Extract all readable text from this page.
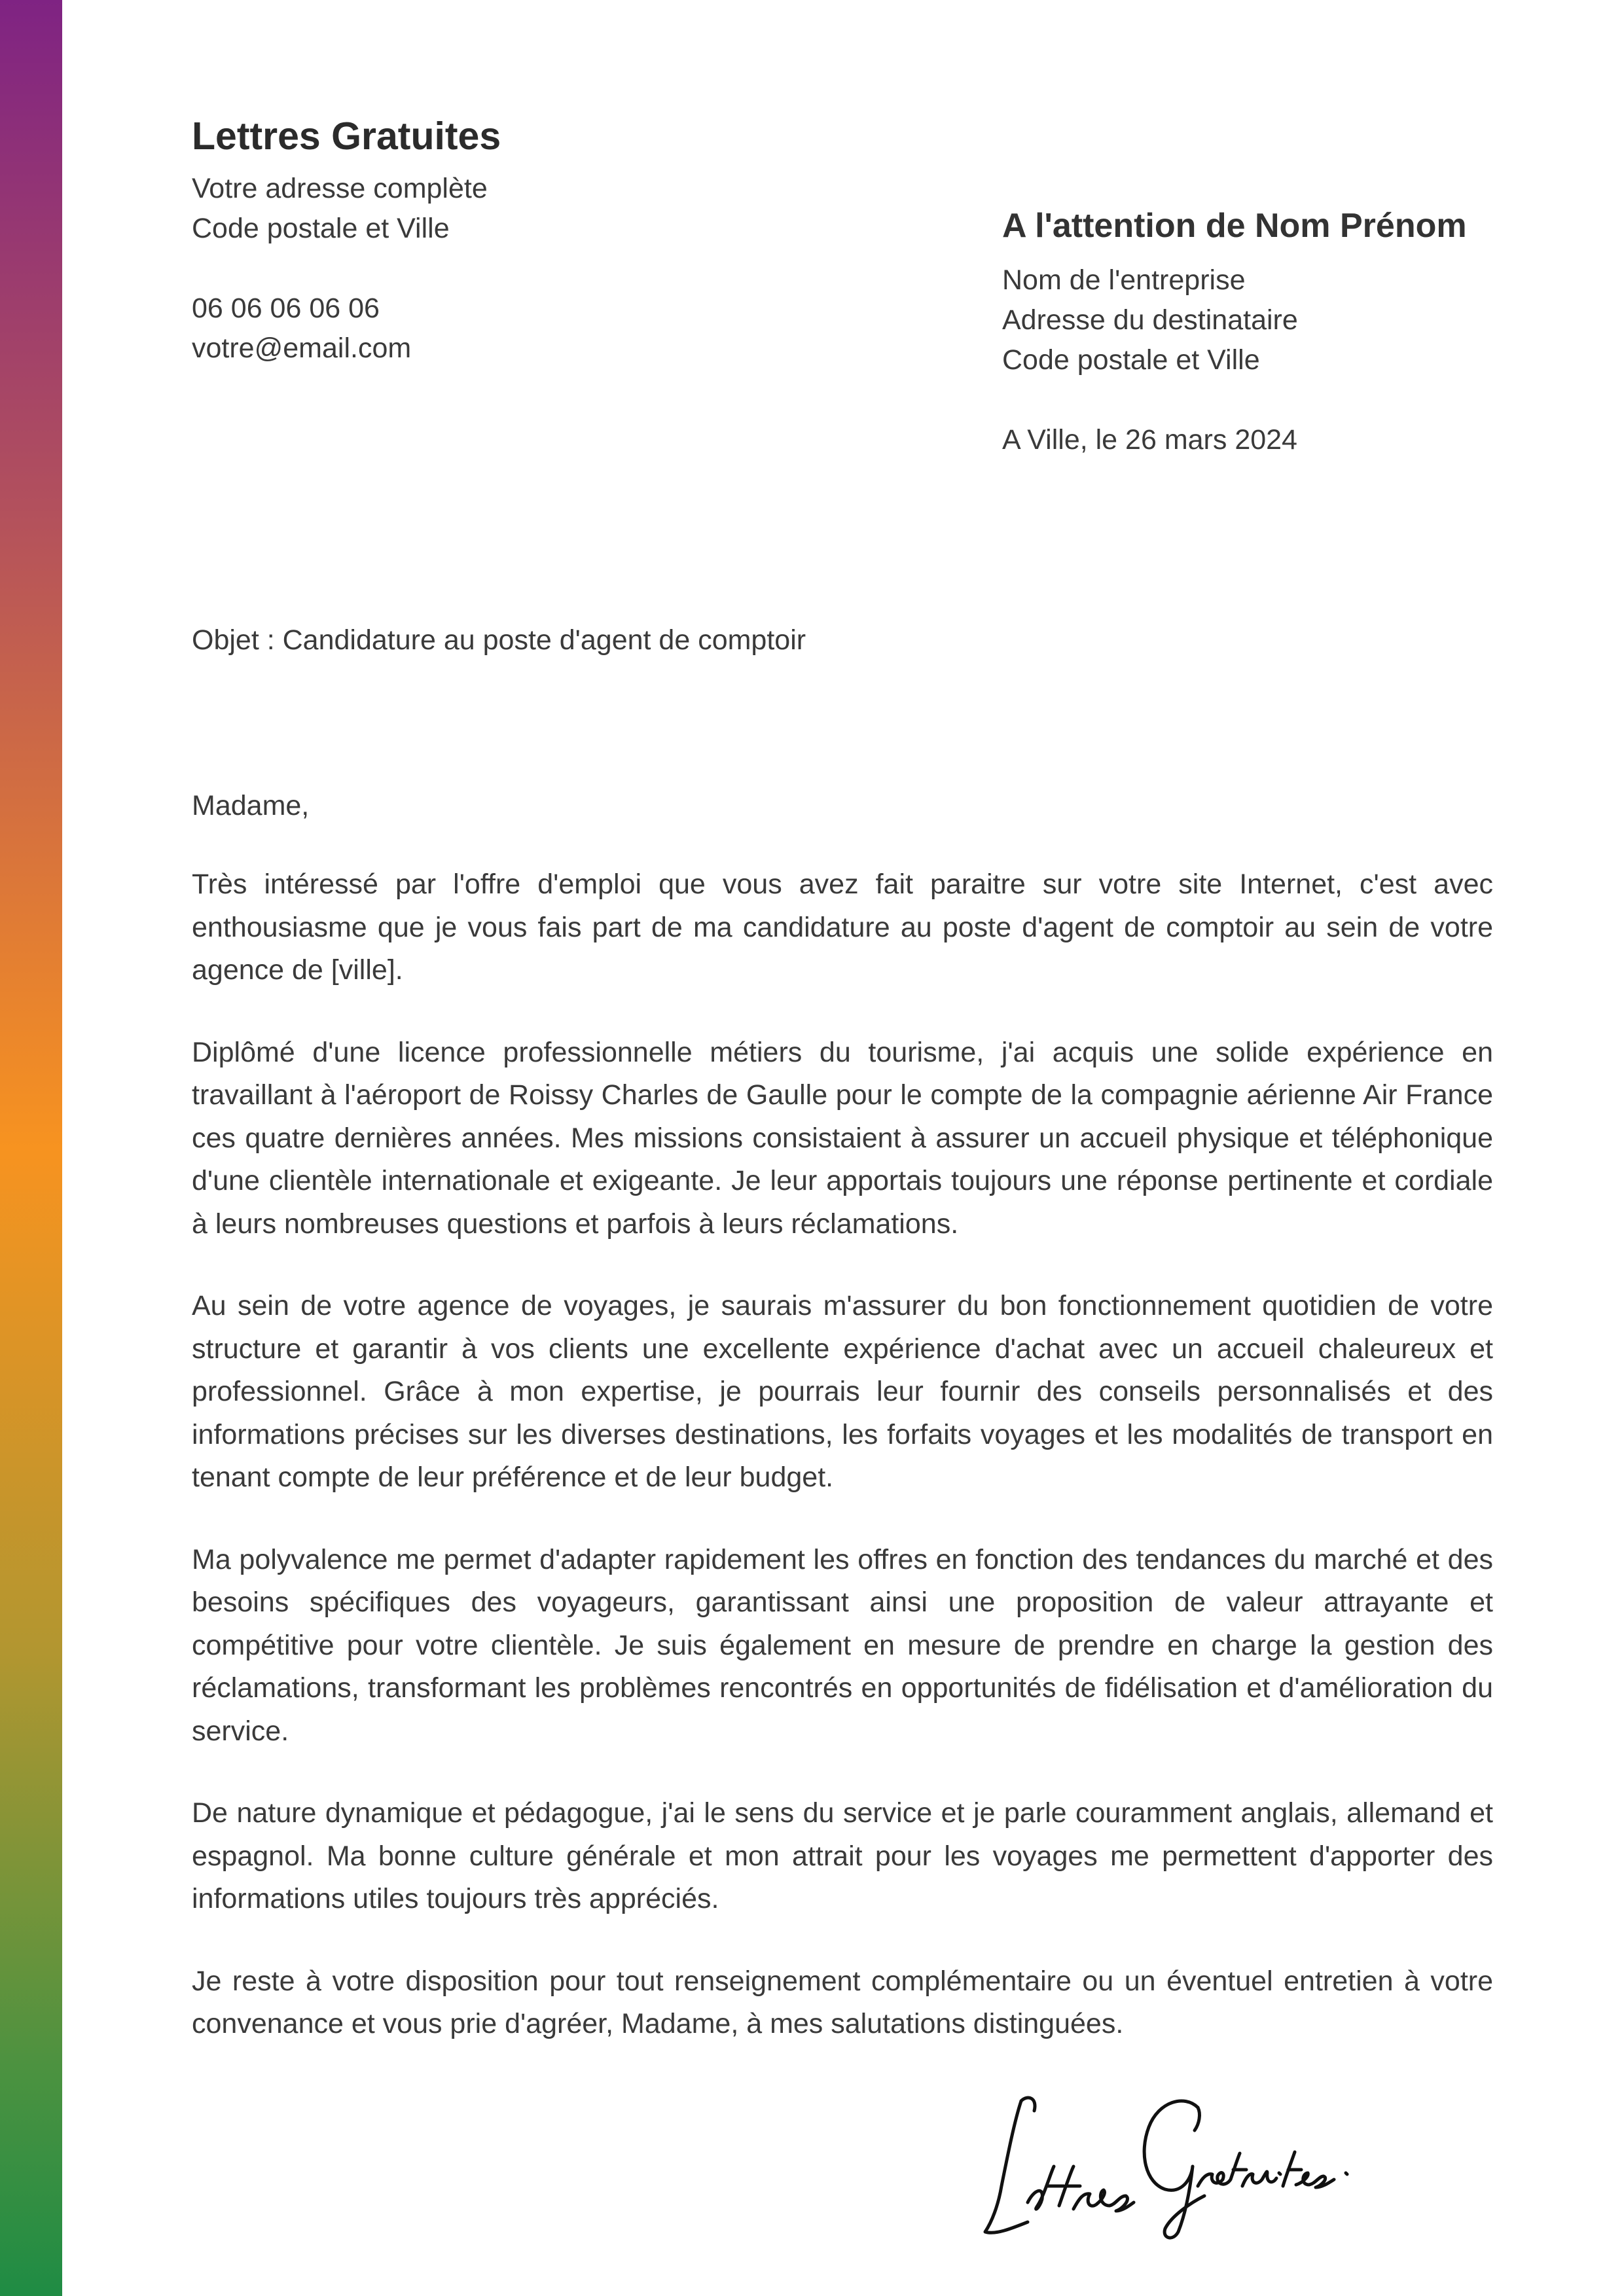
Lettres Gratuites
Votre adresse complète
Code postale et Ville
06 06 06 06 06
votre@email.com
A l'attention de Nom Prénom
Nom de l'entreprise
Adresse du destinataire
Code postale et Ville
A Ville, le 26 mars 2024
Objet : Candidature au poste d'agent de comptoir

Madame,

Très intéressé par l'offre d'emploi que vous avez fait paraitre sur votre site Internet, c'est avec enthousiasme que je vous fais part de ma candidature au poste d'agent de comptoir au sein de votre agence de [ville].

Diplômé d'une licence professionnelle métiers du tourisme, j'ai acquis une solide expérience en travaillant à l'aéroport de Roissy Charles de Gaulle pour le compte de la compagnie aérienne Air France ces quatre dernières années. Mes missions consistaient à assurer un accueil physique et téléphonique d'une clientèle internationale et exigeante. Je leur apportais toujours une réponse pertinente et cordiale à leurs nombreuses questions et parfois à leurs réclamations.

Au sein de votre agence de voyages, je saurais m'assurer du bon fonctionnement quotidien de votre structure et garantir à vos clients une excellente expérience d'achat avec un accueil chaleureux et professionnel. Grâce à mon expertise, je pourrais leur fournir des conseils personnalisés et des informations précises sur les diverses destinations, les forfaits voyages et les modalités de transport en tenant compte de leur préférence et de leur budget.

Ma polyvalence me permet d'adapter rapidement les offres en fonction des tendances du marché et des besoins spécifiques des voyageurs, garantissant ainsi une proposition de valeur attrayante et compétitive pour votre clientèle. Je suis également en mesure de prendre en charge la gestion des réclamations, transformant les problèmes rencontrés en opportunités de fidélisation et d'amélioration du service.

De nature dynamique et pédagogue, j'ai le sens du service et je parle couramment anglais, allemand et espagnol. Ma bonne culture générale et mon attrait pour les voyages me permettent d'apporter des informations utiles toujours très appréciés.

Je reste à votre disposition pour tout renseignement complémentaire ou un éventuel entretien à votre convenance et vous prie d'agréer, Madame, à mes salutations distinguées.
